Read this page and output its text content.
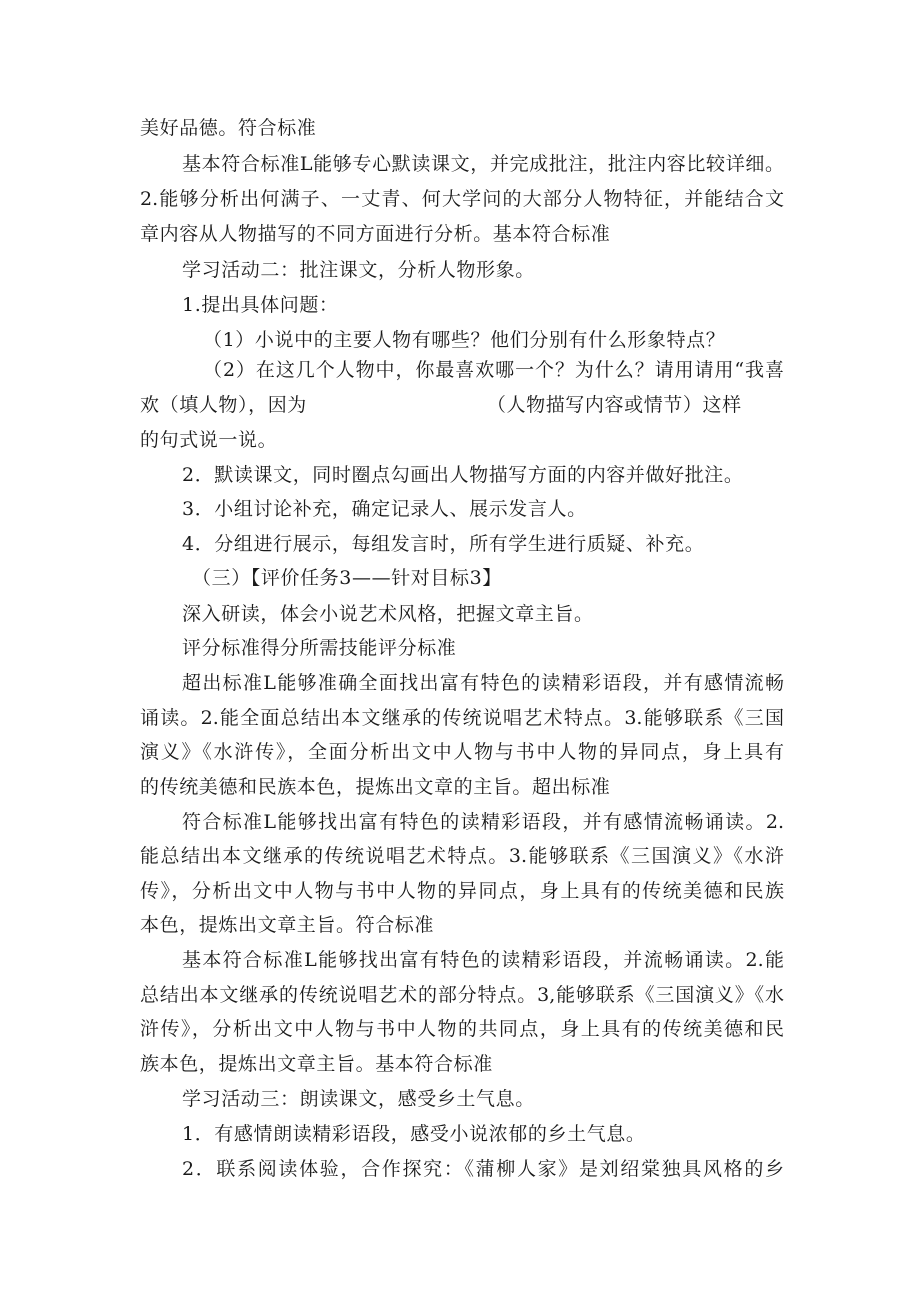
美好品德。符合标准
基本符合标准L能够专心默读课文，并完成批注，批注内容比较详细。
2.能够分析出何满子、一丈青、何大学问的大部分人物特征，并能结合文
章内容从人物描写的不同方面进行分析。基本符合标准
学习活动二：批注课文，分析人物形象。
1.提出具体问题：
（1）小说中的主要人物有哪些？他们分别有什么形象特点？
（2）在这几个人物中，你最喜欢哪一个？为什么？请用请用“我喜
欢（填人物），因为	（人物描写内容或情节）这样
的句式说一说。
2．默读课文，同时圈点勾画出人物描写方面的内容并做好批注。
3．小组讨论补充，确定记录人、展示发言人。
4．分组进行展示，每组发言时，所有学生进行质疑、补充。
（三）【评价任务3——针对目标3】
深入研读，体会小说艺术风格，把握文章主旨。
评分标准得分所需技能评分标准
超出标准L能够准确全面找出富有特色的读精彩语段，并有感情流畅
诵读。2.能全面总结出本文继承的传统说唱艺术特点。3.能够联系《三国
演义》《水浒传》，全面分析出文中人物与书中人物的异同点，身上具有
的传统美德和民族本色，提炼出文章的主旨。超出标准
符合标准L能够找出富有特色的读精彩语段，并有感情流畅诵读。2.
能总结出本文继承的传统说唱艺术特点。3.能够联系《三国演义》《水浒
传》，分析出文中人物与书中人物的异同点，身上具有的传统美德和民族
本色，提炼出文章主旨。符合标准
基本符合标准L能够找出富有特色的读精彩语段，并流畅诵读。2.能
总结出本文继承的传统说唱艺术的部分特点。3,能够联系《三国演义》《水
浒传》，分析出文中人物与书中人物的共同点，身上具有的传统美德和民
族本色，提炼出文章主旨。基本符合标准
学习活动三：朗读课文，感受乡土气息。
1．有感情朗读精彩语段，感受小说浓郁的乡土气息。
2．联系阅读体验，合作探究：《蒲柳人家》是刘绍棠独具风格的乡
